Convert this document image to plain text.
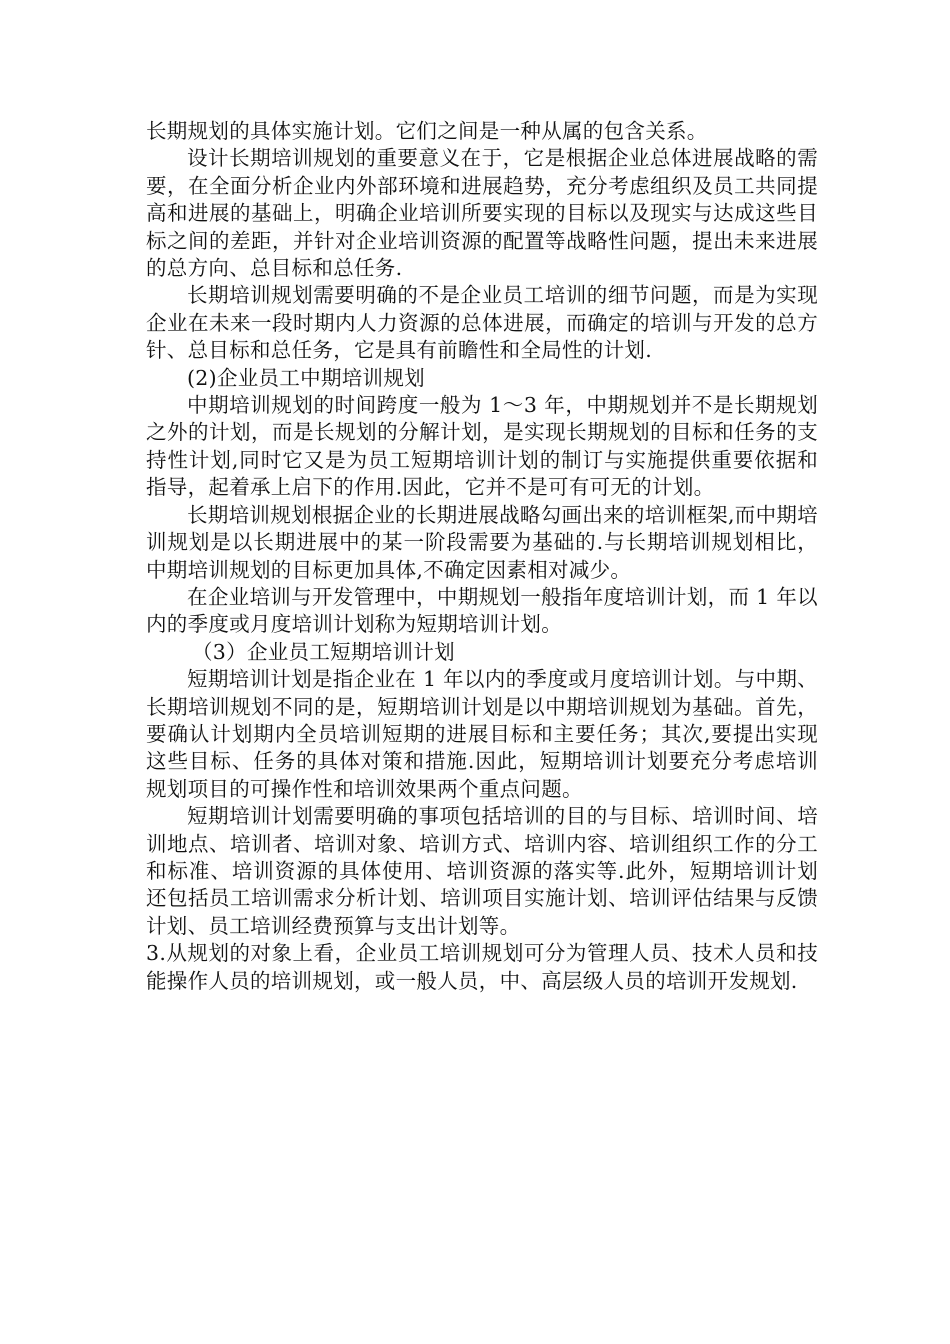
长期规划的具体实施计划。它们之间是一种从属的包含关系。

设计长期培训规划的重要意义在于，它是根据企业总体进展战略的需要，在全面分析企业内外部环境和进展趋势，充分考虑组织及员工共同提高和进展的基础上，明确企业培训所要实现的目标以及现实与达成这些目标之间的差距，并针对企业培训资源的配置等战略性问题，提出未来进展的总方向、总目标和总任务.

长期培训规划需要明确的不是企业员工培训的细节问题，而是为实现企业在未来一段时期内人力资源的总体进展，而确定的培训与开发的总方针、总目标和总任务，它是具有前瞻性和全局性的计划.

(2)企业员工中期培训规划

中期培训规划的时间跨度一般为 1～3 年，中期规划并不是长期规划之外的计划，而是长规划的分解计划，是实现长期规划的目标和任务的支持性计划,同时它又是为员工短期培训计划的制订与实施提供重要依据和指导，起着承上启下的作用.因此，它并不是可有可无的计划。

长期培训规划根据企业的长期进展战略勾画出来的培训框架,而中期培训规划是以长期进展中的某一阶段需要为基础的.与长期培训规划相比，中期培训规划的目标更加具体,不确定因素相对减少。

在企业培训与开发管理中，中期规划一般指年度培训计划，而 1 年以内的季度或月度培训计划称为短期培训计划。

（3）企业员工短期培训计划

短期培训计划是指企业在 1 年以内的季度或月度培训计划。与中期、长期培训规划不同的是，短期培训计划是以中期培训规划为基础。首先，要确认计划期内全员培训短期的进展目标和主要任务；其次,要提出实现这些目标、任务的具体对策和措施.因此，短期培训计划要充分考虑培训规划项目的可操作性和培训效果两个重点问题。

短期培训计划需要明确的事项包括培训的目的与目标、培训时间、培训地点、培训者、培训对象、培训方式、培训内容、培训组织工作的分工和标准、培训资源的具体使用、培训资源的落实等.此外，短期培训计划还包括员工培训需求分析计划、培训项目实施计划、培训评估结果与反馈计划、员工培训经费预算与支出计划等。

3.从规划的对象上看，企业员工培训规划可分为管理人员、技术人员和技能操作人员的培训规划，或一般人员，中、高层级人员的培训开发规划.
